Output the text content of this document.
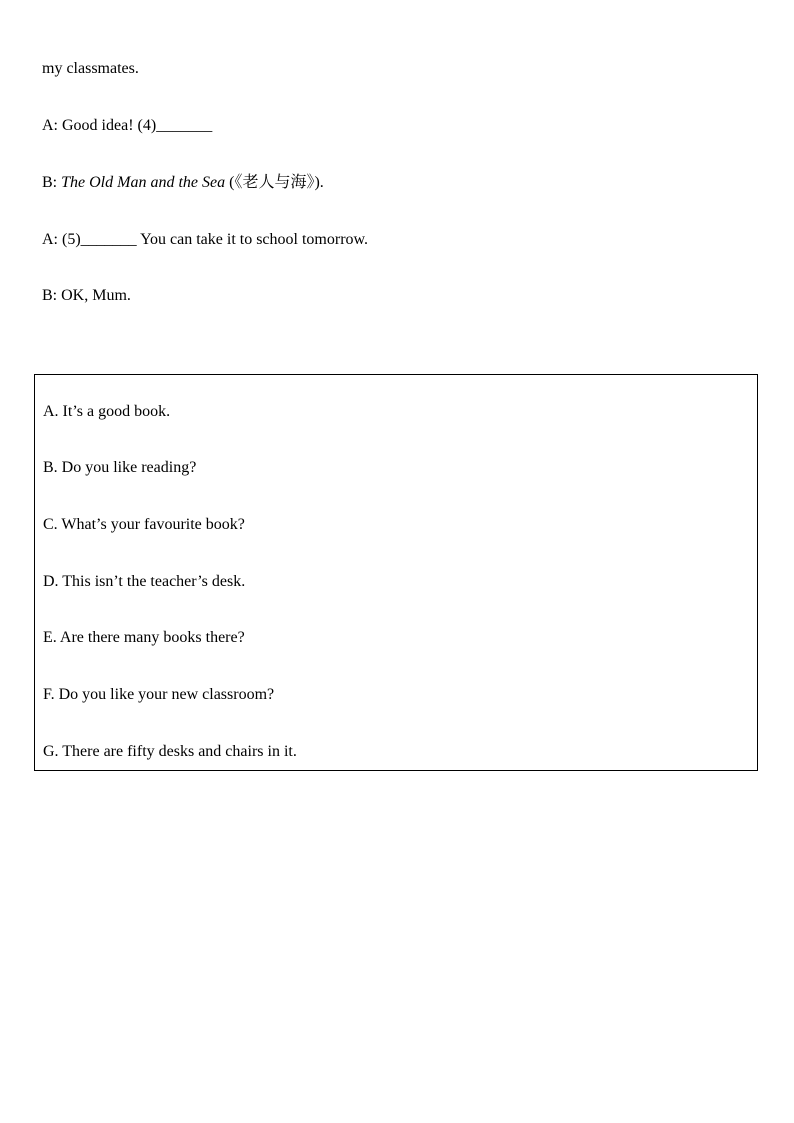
my classmates.
A: Good idea! (4)_______
B: The Old Man and the Sea (《老人与海》).
A: (5)_______ You can take it to school tomorrow.
B: OK, Mum.
A. It’s a good book.
B. Do you like reading?
C. What’s your favourite book?
D. This isn’t the teacher’s desk.
E. Are there many books there?
F. Do you like your new classroom?
G. There are fifty desks and chairs in it.
